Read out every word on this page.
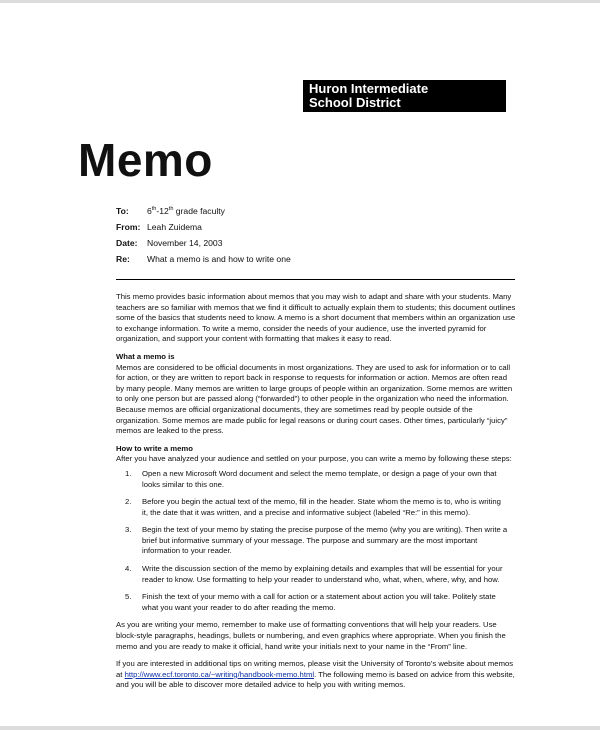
Huron Intermediate
School District
Memo
To: 6th-12th grade faculty
From: Leah Zuidema
Date: November 14, 2003
Re: What a memo is and how to write one

This memo provides basic information about memos that you may wish to adapt and share with your students. Many teachers are so familiar with memos that we find it difficult to actually explain them to students; this document outlines some of the basics that students need to know. A memo is a short document that members within an organization use to exchange information. To write a memo, consider the needs of your audience, use the inverted pyramid for organization, and support your content with formatting that makes it easy to read.

What a memo is

Memos are considered to be official documents in most organizations. They are used to ask for information or to call for action, or they are written to report back in response to requests for information or action. Memos are often read by many people. Many memos are written to large groups of people within an organization. Some memos are written to only one person but are passed along (“forwarded”) to other people in the organization who need the information. Because memos are official organizational documents, they are sometimes read by people outside of the organization. Some memos are made public for legal reasons or during court cases. Other times, particularly “juicy” memos are leaked to the press.

How to write a memo

After you have analyzed your audience and settled on your purpose, you can write a memo by following these steps:

1. Open a new Microsoft Word document and select the memo template, or design a page of your own that looks similar to this one.
2. Before you begin the actual text of the memo, fill in the header. State whom the memo is to, who is writing it, the date that it was written, and a precise and informative subject (labeled “Re:” in this memo).
3. Begin the text of your memo by stating the precise purpose of the memo (why you are writing). Then write a brief but informative summary of your message. The purpose and summary are the most important information to your reader.
4. Write the discussion section of the memo by explaining details and examples that will be essential for your reader to know. Use formatting to help your reader to understand who, what, when, where, why, and how.
5. Finish the text of your memo with a call for action or a statement about action you will take. Politely state what you want your reader to do after reading the memo.

As you are writing your memo, remember to make use of formatting conventions that will help your readers. Use block-style paragraphs, headings, bullets or numbering, and even graphics where appropriate. When you finish the memo and you are ready to make it official, hand write your initials next to your name in the “From” line.

If you are interested in additional tips on writing memos, please visit the University of Toronto’s website about memos at http://www.ecf.toronto.ca/~writing/handbook-memo.html. The following memo is based on advice from this website, and you will be able to discover more detailed advice to help you with writing memos.
